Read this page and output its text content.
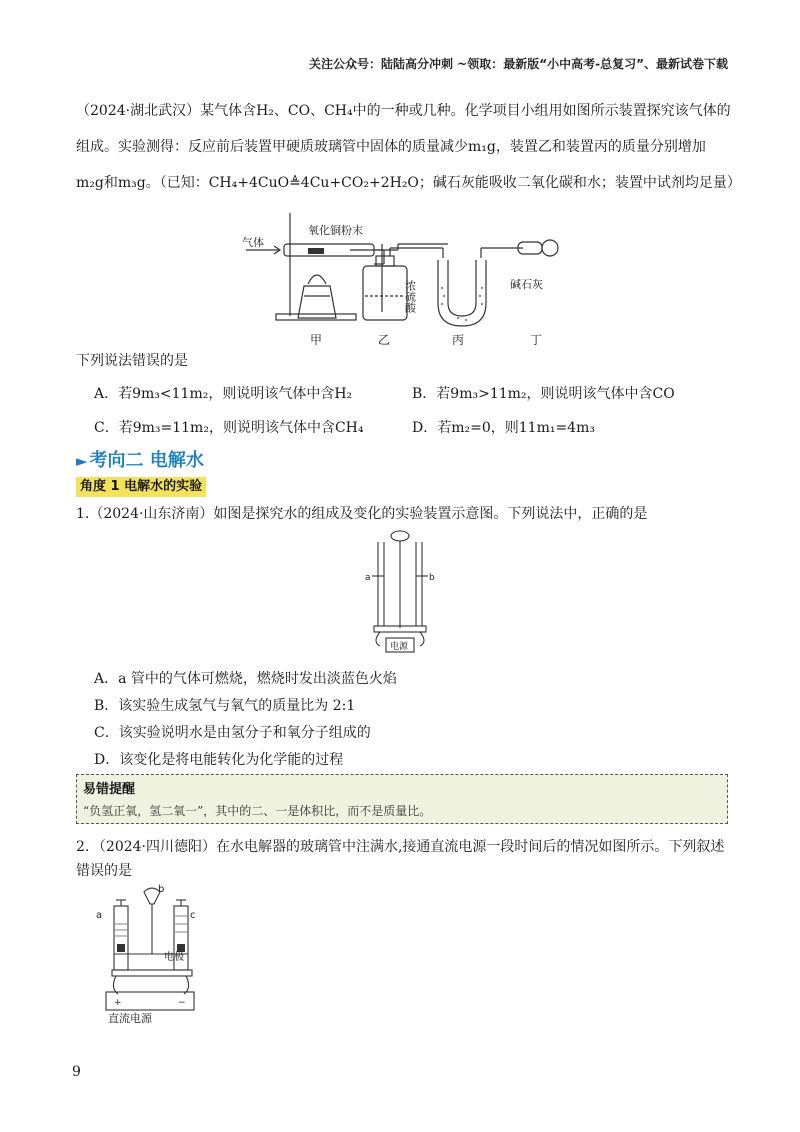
关注公众号：陆陆高分冲刺 ~领取：最新版“小中高考-总复习”、最新试卷下载
（2024·湖北武汉）某气体含H₂、CO、CH₄中的一种或几种。化学项目小组用如图所示装置探究该气体的
组成。实验测得：反应前后装置甲硬质玻璃管中固体的质量减少m₁g，装置乙和装置丙的质量分别增加
m₂g和m₃g。（已知：CH₄+4CuO≜4Cu+CO₂+2H₂O；碱石灰能吸收二氧化碳和水；装置中试剂均足量）
气体
氧化铜粉末
浓硫酸	碱石灰
甲	乙	丙	丁
下列说法错误的是
A．若9m₃<11m₂，则说明该气体中含H₂	B．若9m₃>11m₂，则说明该气体中含CO
C．若9m₃=11m₂，则说明该气体中含CH₄	D．若m₂=0，则11m₁=4m₃
► 考向二 电解水
角度 1 电解水的实验
1.（2024·山东济南）如图是探究水的组成及变化的实验装置示意图。下列说法中，正确的是
a	b
电源
A．a 管中的气体可燃烧，燃烧时发出淡蓝色火焰
B．该实验生成氢气与氧气的质量比为 2:1
C．该实验说明水是由氢分子和氧分子组成的
D．该变化是将电能转化为化学能的过程
易错提醒
“负氢正氧，氢二氧一”，其中的二、一是体积比，而不是质量比。
2．（2024·四川德阳）在水电解器的玻璃管中注满水,接通直流电源一段时间后的情况如图所示。下列叙述
错误的是
a
b
c
电极
+	−
直流电源
9
